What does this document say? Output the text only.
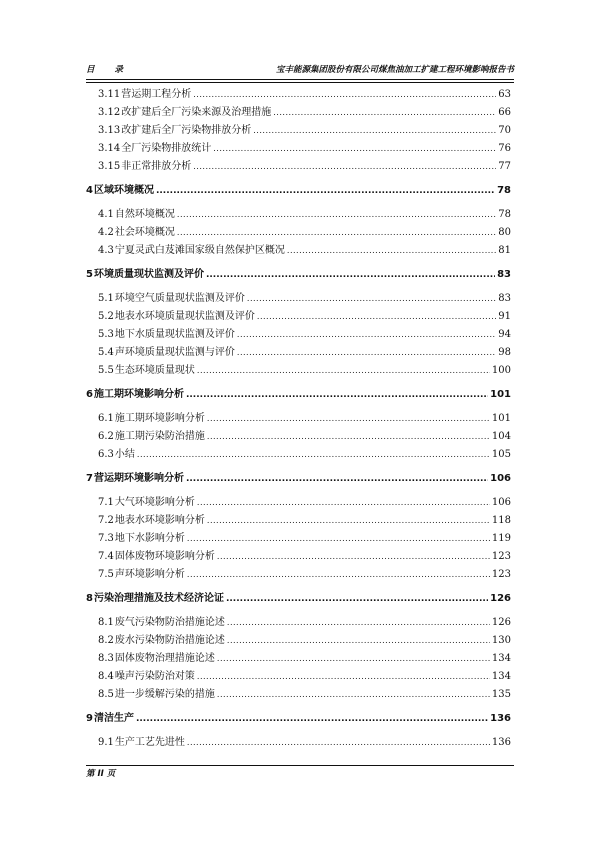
目 录	宝丰能源集团股份有限公司煤焦油加工扩建工程环境影响报告书
3.11 营运期工程分析 .....	63
3.12 改扩建后全厂污染来源及治理措施 .....	66
3.13 改扩建后全厂污染物排放分析 .....	70
3.14 全厂污染物排放统计 .....	76
3.15 非正常排放分析 .....	77
4 区域环境概况 .....	78
4.1 自然环境概况 .....	78
4.2 社会环境概况 .....	80
4.3 宁夏灵武白芨滩国家级自然保护区概况 .....	81
5 环境质量现状监测及评价 .....	83
5.1 环境空气质量现状监测及评价 .....	83
5.2 地表水环境质量现状监测及评价 .....	91
5.3 地下水质量现状监测及评价 .....	94
5.4 声环境质量现状监测与评价 .....	98
5.5 生态环境质量现状 .....	100
6 施工期环境影响分析 .....	101
6.1 施工期环境影响分析 .....	101
6.2 施工期污染防治措施 .....	104
6.3 小结 .....	105
7 营运期环境影响分析 .....	106
7.1 大气环境影响分析 .....	106
7.2 地表水环境影响分析 .....	118
7.3 地下水影响分析 .....	119
7.4 固体废物环境影响分析 .....	123
7.5 声环境影响分析 .....	123
8 污染治理措施及技术经济论证 .....	126
8.1 废气污染物防治措施论述 .....	126
8.2 废水污染物防治措施论述 .....	130
8.3 固体废物治理措施论述 .....	134
8.4 噪声污染防治对策 .....	134
8.5 进一步缓解污染的措施 .....	135
9 清洁生产 .....	136
9.1 生产工艺先进性 .....	136
第 II 页
